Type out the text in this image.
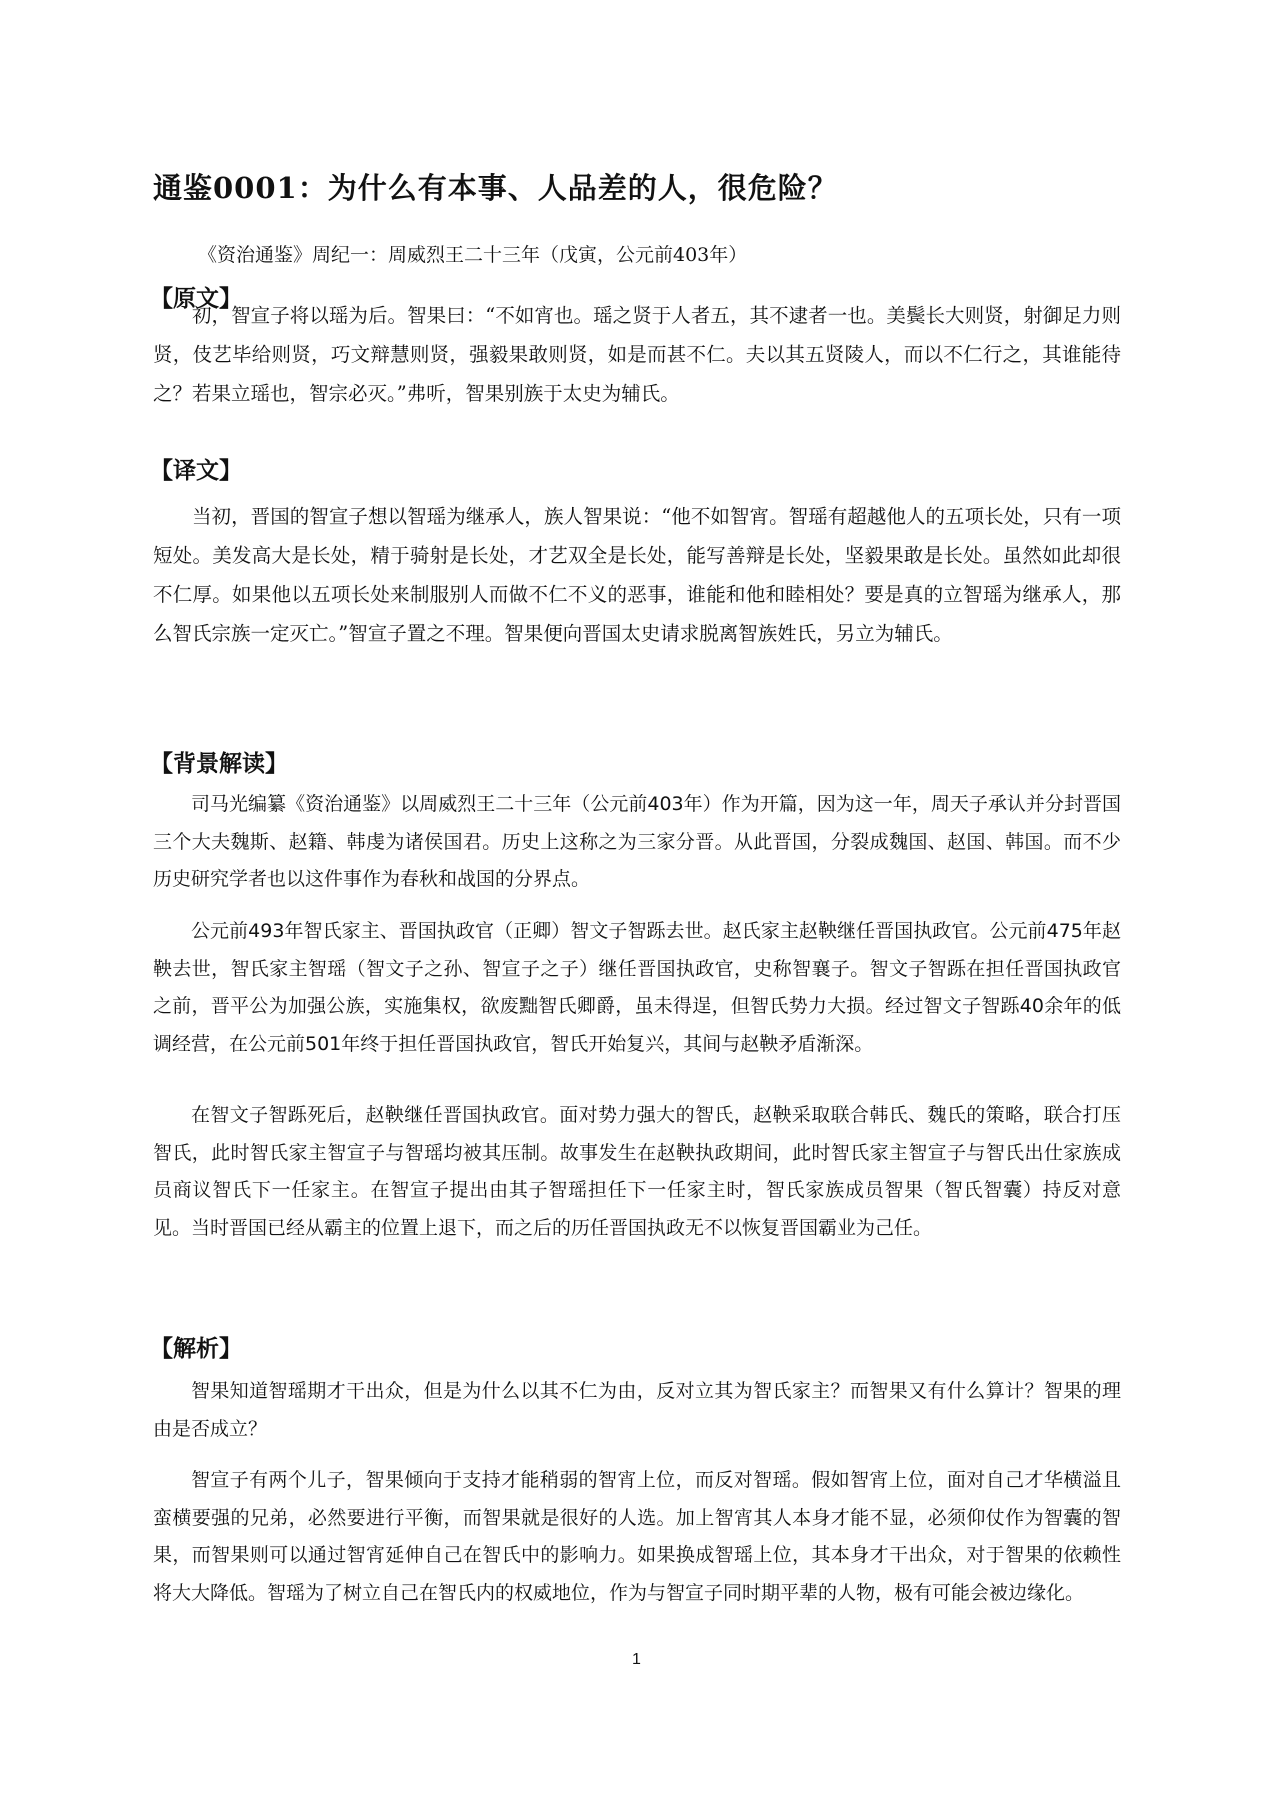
通鉴0001：为什么有本事、人品差的人，很危险？
《资治通鉴》周纪一：周威烈王二十三年（戊寅，公元前403年）
【原文】

初，智宣子将以瑶为后。智果曰：“不如宵也。瑶之贤于人者五，其不逮者一也。美鬓长大则贤，射御足力则贤，伎艺毕给则贤，巧文辩慧则贤，强毅果敢则贤，如是而甚不仁。夫以其五贤陵人，而以不仁行之，其谁能待之？若果立瑶也，智宗必灭。”弗听，智果别族于太史为辅氏。

【译文】

当初，晋国的智宣子想以智瑶为继承人，族人智果说：“他不如智宵。智瑶有超越他人的五项长处，只有一项短处。美发高大是长处，精于骑射是长处，才艺双全是长处，能写善辩是长处，坚毅果敢是长处。虽然如此却很不仁厚。如果他以五项长处来制服别人而做不仁不义的恶事，谁能和他和睦相处？要是真的立智瑶为继承人，那么智氏宗族一定灭亡。”智宣子置之不理。智果便向晋国太史请求脱离智族姓氏，另立为辅氏。

【背景解读】

司马光编纂《资治通鉴》以周威烈王二十三年（公元前403年）作为开篇，因为这一年，周天子承认并分封晋国三个大夫魏斯、赵籍、韩虔为诸侯国君。历史上这称之为三家分晋。从此晋国，分裂成魏国、赵国、韩国。而不少历史研究学者也以这件事作为春秋和战国的分界点。

公元前493年智氏家主、晋国执政官（正卿）智文子智跞去世。赵氏家主赵鞅继任晋国执政官。公元前475年赵鞅去世，智氏家主智瑶（智文子之孙、智宣子之子）继任晋国执政官，史称智襄子。智文子智跞在担任晋国执政官之前，晋平公为加强公族，实施集权，欲废黜智氏卿爵，虽未得逞，但智氏势力大损。经过智文子智跞40余年的低调经营，在公元前501年终于担任晋国执政官，智氏开始复兴，其间与赵鞅矛盾渐深。

在智文子智跞死后，赵鞅继任晋国执政官。面对势力强大的智氏，赵鞅采取联合韩氏、魏氏的策略，联合打压智氏，此时智氏家主智宣子与智瑶均被其压制。故事发生在赵鞅执政期间，此时智氏家主智宣子与智氏出仕家族成员商议智氏下一任家主。在智宣子提出由其子智瑶担任下一任家主时，智氏家族成员智果（智氏智囊）持反对意见。当时晋国已经从霸主的位置上退下，而之后的历任晋国执政无不以恢复晋国霸业为己任。

【解析】

智果知道智瑶期才干出众，但是为什么以其不仁为由，反对立其为智氏家主？而智果又有什么算计？智果的理由是否成立？

智宣子有两个儿子，智果倾向于支持才能稍弱的智宵上位，而反对智瑶。假如智宵上位，面对自己才华横溢且蛮横要强的兄弟，必然要进行平衡，而智果就是很好的人选。加上智宵其人本身才能不显，必须仰仗作为智囊的智果，而智果则可以通过智宵延伸自己在智氏中的影响力。如果换成智瑶上位，其本身才干出众，对于智果的依赖性将大大降低。智瑶为了树立自己在智氏内的权威地位，作为与智宣子同时期平辈的人物，极有可能会被边缘化。

1
